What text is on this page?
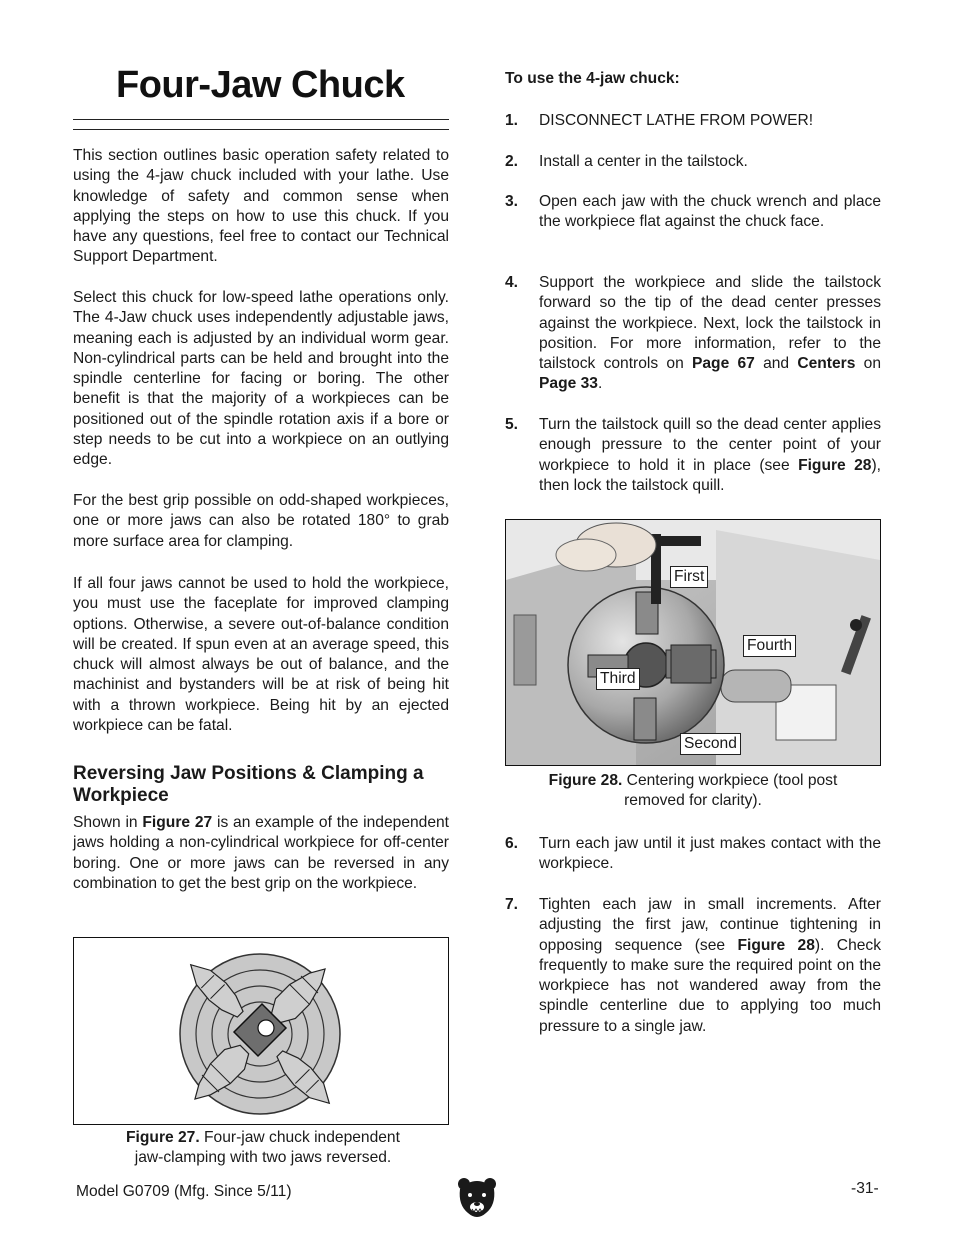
Four-Jaw Chuck

This section outlines basic operation safety related to using the 4-jaw chuck included with your lathe. Use knowledge of safety and common sense when applying the steps on how to use this chuck. If you have any questions, feel free to contact our Technical Support Department.

Select this chuck for low-speed lathe operations only. The 4-Jaw chuck uses independently adjustable jaws, meaning each is adjusted by an individual worm gear. Non-cylindrical parts can be held and brought into the spindle centerline for facing or boring. The other benefit is that the majority of a workpieces can be positioned out of the spindle rotation axis if a bore or step needs to be cut into a workpiece on an outlying edge.

For the best grip possible on odd-shaped workpieces, one or more jaws can also be rotated 180° to grab more surface area for clamping.

If all four jaws cannot be used to hold the workpiece, you must use the faceplate for improved clamping options. Otherwise, a severe out-of-balance condition will be created. If spun even at an average speed, this chuck will almost always be out of balance, and the machinist and bystanders will be at risk of being hit with a thrown workpiece. Being hit by an ejected workpiece can be fatal.

Reversing Jaw Positions & Clamping a Workpiece

Shown in Figure 27 is an example of the independent jaws holding a non-cylindrical workpiece for off-center boring. One or more jaws can be reversed in any combination to get the best grip on the workpiece.

Figure 27. Four-jaw chuck independent
jaw-clamping with two jaws reversed.

To use the 4-jaw chuck:

1. DISCONNECT LATHE FROM POWER!
2. Install a center in the tailstock.
3. Open each jaw with the chuck wrench and place the workpiece flat against the chuck face.
4. Support the workpiece and slide the tailstock forward so the tip of the dead center presses against the workpiece. Next, lock the tailstock in position. For more information, refer to the tailstock controls on Page 67 and Centers on Page 33.
5. Turn the tailstock quill so the dead center applies enough pressure to the center point of your workpiece to hold it in place (see Figure 28), then lock the tailstock quill.
First
Fourth
Third
Second
Figure 28. Centering workpiece (tool post
removed for clarity).
6. Turn each jaw until it just makes contact with the workpiece.
7. Tighten each jaw in small increments. After adjusting the first jaw, continue tightening in opposing sequence (see Figure 28). Check frequently to make sure the required point on the workpiece has not wandered away from the spindle centerline due to applying too much pressure to a single jaw.
Model G0709 (Mfg. Since 5/11)	-31-
